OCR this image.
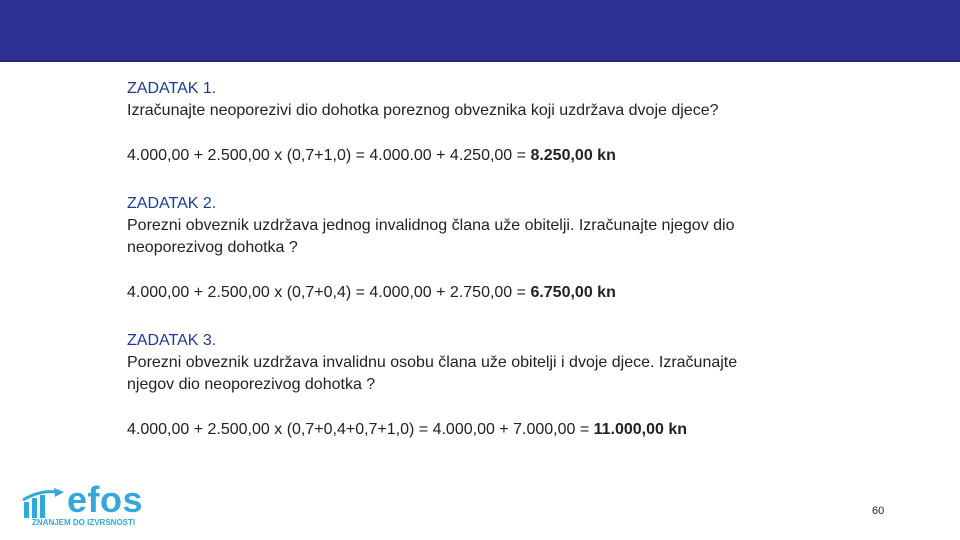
ZADATAK 1.

Izračunajte neoporezivi dio dohotka poreznog obveznika koji uzdržava dvoje djece?

4.000,00 + 2.500,00 x (0,7+1,0) = 4.000.00 + 4.250,00 = 8.250,00 kn

ZADATAK 2.

Porezni obveznik uzdržava jednog invalidnog člana uže obitelji. Izračunajte njegov dio

neoporezivog dohotka ?

4.000,00 + 2.500,00 x (0,7+0,4) = 4.000,00 + 2.750,00 = 6.750,00 kn

ZADATAK 3.

Porezni obveznik uzdržava invalidnu osobu člana uže obitelji i dvoje djece. Izračunajte

njegov dio neoporezivog dohotka ?

4.000,00 + 2.500,00 x (0,7+0,4+0,7+1,0) = 4.000,00 + 7.000,00 = 11.000,00 kn

efos
ZNANJEM DO IZVRSNOSTI
60
